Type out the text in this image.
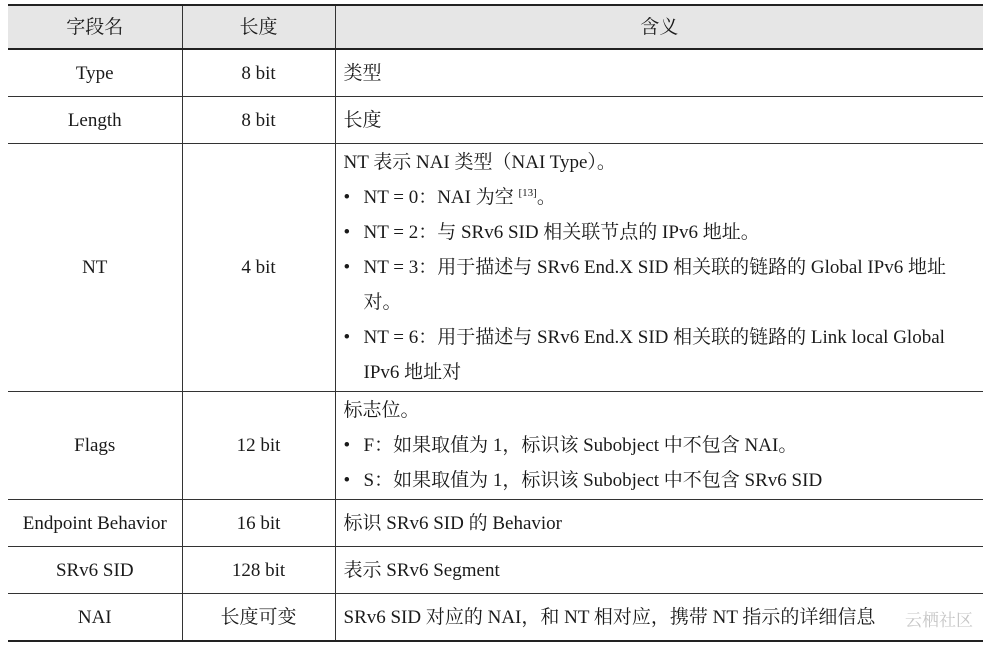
字段名	长度	含义
Type	8 bit	类型

Length	8 bit	长度

NT	4 bit	NT 表示 NAI 类型（NAI Type）。
• NT = 0：NAI 为空 [13]。
• NT = 2：与 SRv6 SID 相关联节点的 IPv6 地址。
• NT = 3：用于描述与 SRv6 End.X SID 相关联的链路的 Global IPv6 地址对。
• NT = 6：用于描述与 SRv6 End.X SID 相关联的链路的 Link local Global IPv6 地址对

Flags	12 bit	标志位。
• F：如果取值为 1，标识该 Subobject 中不包含 NAI。
• S：如果取值为 1，标识该 Subobject 中不包含 SRv6 SID

Endpoint Behavior	16 bit	标识 SRv6 SID 的 Behavior

SRv6 SID	128 bit	表示 SRv6 Segment

NAI	长度可变	SRv6 SID 对应的 NAI，和 NT 相对应，携带 NT 指示的详细信息	云栖社区
